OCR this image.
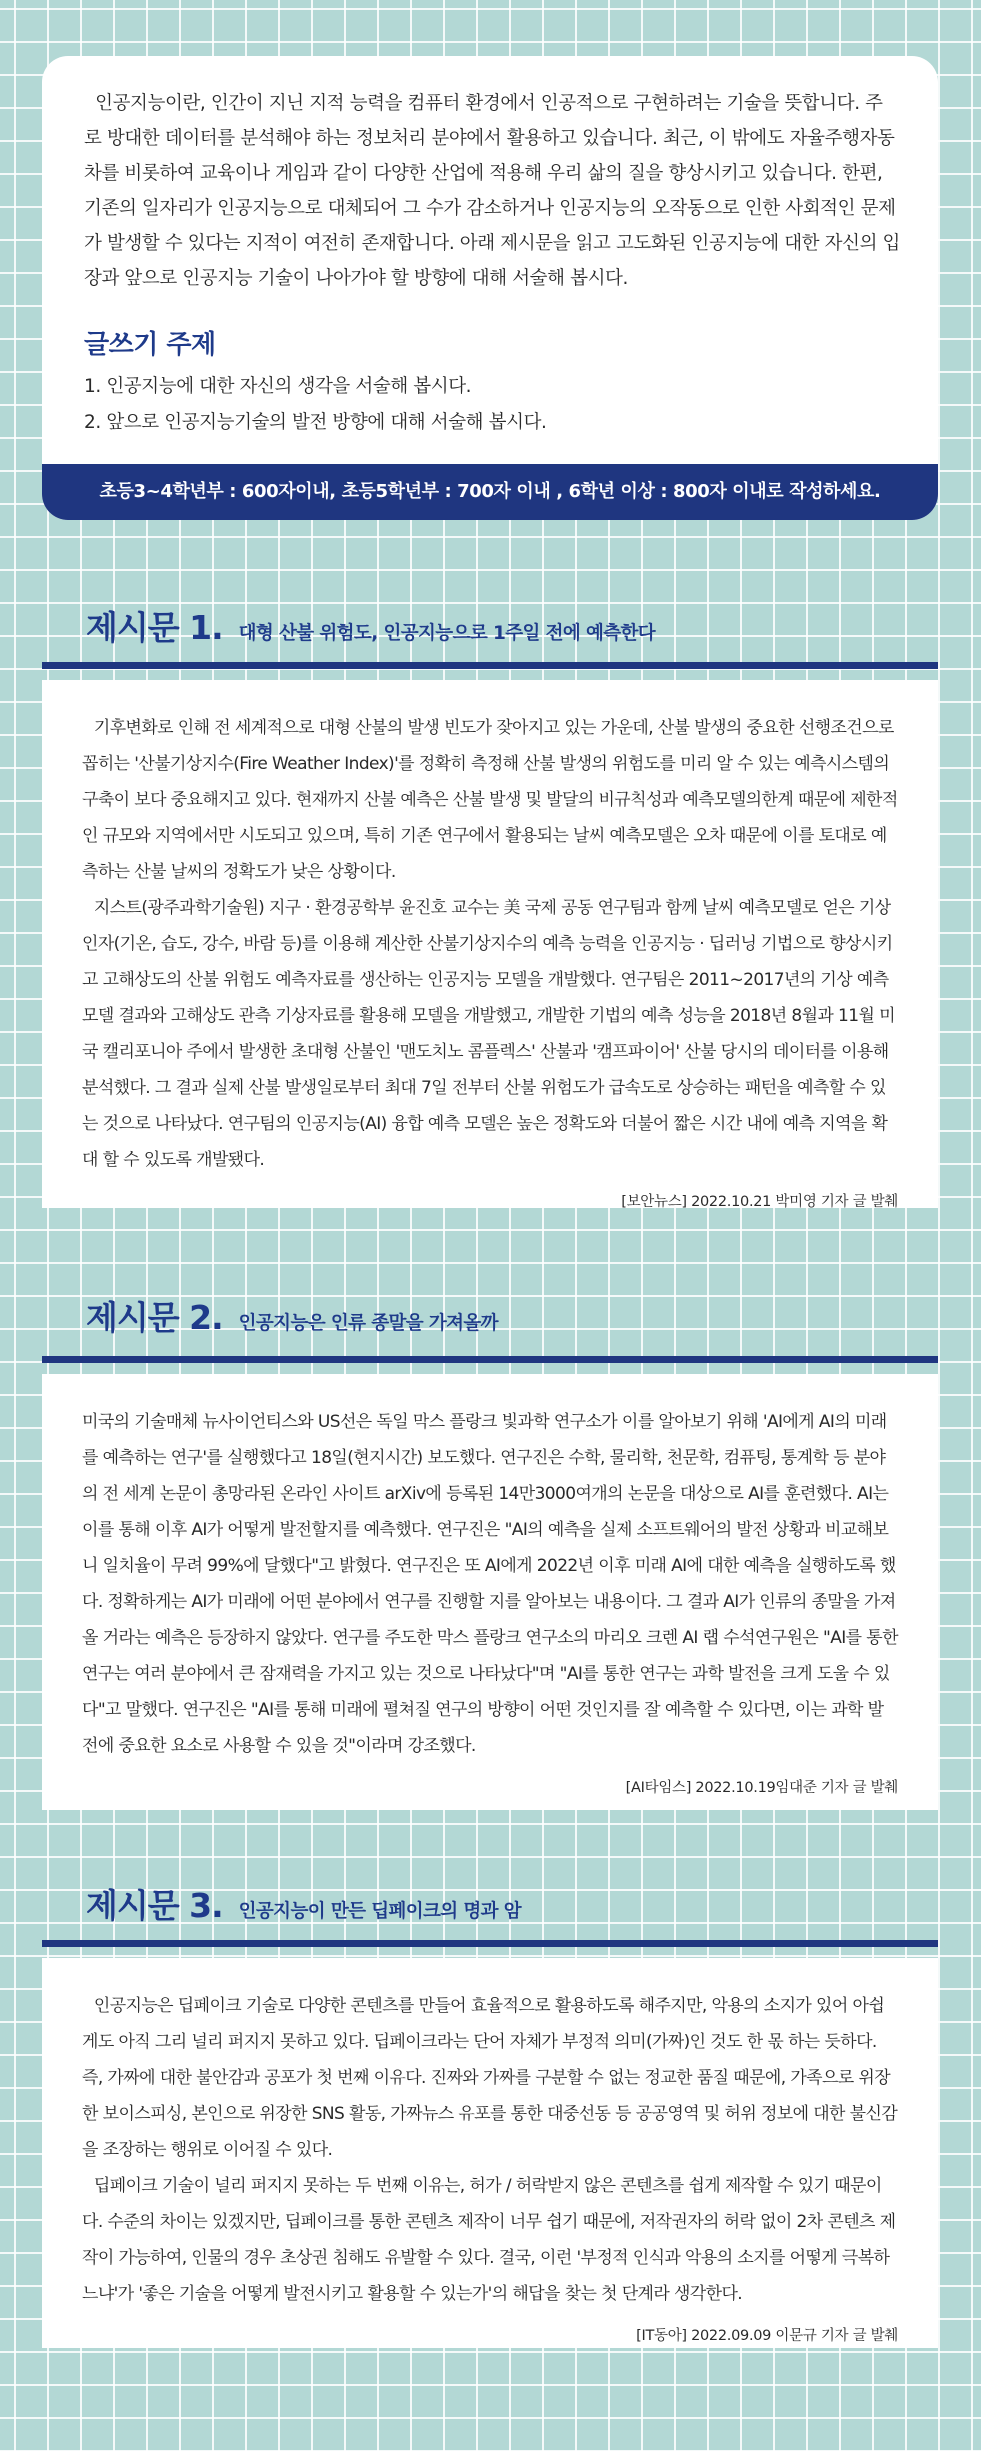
인공지능이란, 인간이 지닌 지적 능력을 컴퓨터 환경에서 인공적으로 구현하려는 기술을 뜻합니다. 주로 방대한 데이터를 분석해야 하는 정보처리 분야에서 활용하고 있습니다. 최근, 이 밖에도 자율주행자동차를 비롯하여 교육이나 게임과 같이 다양한 산업에 적용해 우리 삶의 질을 향상시키고 있습니다. 한편, 기존의 일자리가 인공지능으로 대체되어 그 수가 감소하거나 인공지능의 오작동으로 인한 사회적인 문제가 발생할 수 있다는 지적이 여전히 존재합니다. 아래 제시문을 읽고 고도화된 인공지능에 대한 자신의 입장과 앞으로 인공지능 기술이 나아가야 할 방향에 대해 서술해 봅시다.

글쓰기 주제
1. 인공지능에 대한 자신의 생각을 서술해 봅시다.
2. 앞으로 인공지능기술의 발전 방향에 대해 서술해 봅시다.
초등3~4학년부 : 600자이내, 초등5학년부 : 700자 이내 , 6학년 이상 : 800자 이내로 작성하세요.
제시문 1. 대형 산불 위험도, 인공지능으로 1주일 전에 예측한다

기후변화로 인해 전 세계적으로 대형 산불의 발생 빈도가 잦아지고 있는 가운데, 산불 발생의 중요한 선행조건으로 꼽히는 '산불기상지수(Fire Weather Index)'를 정확히 측정해 산불 발생의 위험도를 미리 알 수 있는 예측시스템의 구축이 보다 중요해지고 있다. 현재까지 산불 예측은 산불 발생 및 발달의 비규칙성과 예측모델의한계 때문에 제한적인 규모와 지역에서만 시도되고 있으며, 특히 기존 연구에서 활용되는 날씨 예측모델은 오차 때문에 이를 토대로 예측하는 산불 날씨의 정확도가 낮은 상황이다.

지스트(광주과학기술원) 지구 · 환경공학부 윤진호 교수는 美 국제 공동 연구팀과 함께 날씨 예측모델로 얻은 기상인자(기온, 습도, 강수, 바람 등)를 이용해 계산한 산불기상지수의 예측 능력을 인공지능 · 딥러닝 기법으로 향상시키고 고해상도의 산불 위험도 예측자료를 생산하는 인공지능 모델을 개발했다. 연구팀은 2011~2017년의 기상 예측모델 결과와 고해상도 관측 기상자료를 활용해 모델을 개발했고, 개발한 기법의 예측 성능을 2018년 8월과 11월 미국 캘리포니아 주에서 발생한 초대형 산불인 '맨도치노 콤플렉스' 산불과 '캠프파이어' 산불 당시의 데이터를 이용해 분석했다. 그 결과 실제 산불 발생일로부터 최대 7일 전부터 산불 위험도가 급속도로 상승하는 패턴을 예측할 수 있는 것으로 나타났다. 연구팀의 인공지능(AI) 융합 예측 모델은 높은 정확도와 더불어 짧은 시간 내에 예측 지역을 확대 할 수 있도록 개발됐다.

[보안뉴스] 2022.10.21 박미영 기자 글 발췌
제시문 2. 인공지능은 인류 종말을 가져올까

미국의 기술매체 뉴사이언티스와 US선은 독일 막스 플랑크 빛과학 연구소가 이를 알아보기 위해 'AI에게 AI의 미래를 예측하는 연구'를 실행했다고 18일(현지시간) 보도했다. 연구진은 수학, 물리학, 천문학, 컴퓨팅, 통계학 등 분야의 전 세계 논문이 총망라된 온라인 사이트 arXiv에 등록된 14만3000여개의 논문을 대상으로 AI를 훈련했다. AI는 이를 통해 이후 AI가 어떻게 발전할지를 예측했다. 연구진은 "AI의 예측을 실제 소프트웨어의 발전 상황과 비교해보니 일치율이 무려 99%에 달했다"고 밝혔다. 연구진은 또 AI에게 2022년 이후 미래 AI에 대한 예측을 실행하도록 했다. 정확하게는 AI가 미래에 어떤 분야에서 연구를 진행할 지를 알아보는 내용이다. 그 결과 AI가 인류의 종말을 가져올 거라는 예측은 등장하지 않았다. 연구를 주도한 막스 플랑크 연구소의 마리오 크렌 AI 랩 수석연구원은 "AI를 통한 연구는 여러 분야에서 큰 잠재력을 가지고 있는 것으로 나타났다"며 "AI를 통한 연구는 과학 발전을 크게 도울 수 있다"고 말했다. 연구진은 "AI를 통해 미래에 펼쳐질 연구의 방향이 어떤 것인지를 잘 예측할 수 있다면, 이는 과학 발전에 중요한 요소로 사용할 수 있을 것"이라며 강조했다.

[AI타임스] 2022.10.19임대준 기자 글 발췌
제시문 3. 인공지능이 만든 딥페이크의 명과 암

인공지능은 딥페이크 기술로 다양한 콘텐츠를 만들어 효율적으로 활용하도록 해주지만, 악용의 소지가 있어 아쉽게도 아직 그리 널리 퍼지지 못하고 있다. 딥페이크라는 단어 자체가 부정적 의미(가짜)인 것도 한 몫 하는 듯하다. 즉, 가짜에 대한 불안감과 공포가 첫 번째 이유다. 진짜와 가짜를 구분할 수 없는 정교한 품질 때문에, 가족으로 위장한 보이스피싱, 본인으로 위장한 SNS 활동, 가짜뉴스 유포를 통한 대중선동 등 공공영역 및 허위 정보에 대한 불신감을 조장하는 행위로 이어질 수 있다.

딥페이크 기술이 널리 퍼지지 못하는 두 번째 이유는, 허가 / 허락받지 않은 콘텐츠를 쉽게 제작할 수 있기 때문이다. 수준의 차이는 있겠지만, 딥페이크를 통한 콘텐츠 제작이 너무 쉽기 때문에, 저작권자의 허락 없이 2차 콘텐츠 제작이 가능하여, 인물의 경우 초상권 침해도 유발할 수 있다. 결국, 이런 '부정적 인식과 악용의 소지를 어떻게 극복하느냐'가 '좋은 기술을 어떻게 발전시키고 활용할 수 있는가'의 해답을 찾는 첫 단계라 생각한다.

[IT동아] 2022.09.09 이문규 기자 글 발췌
